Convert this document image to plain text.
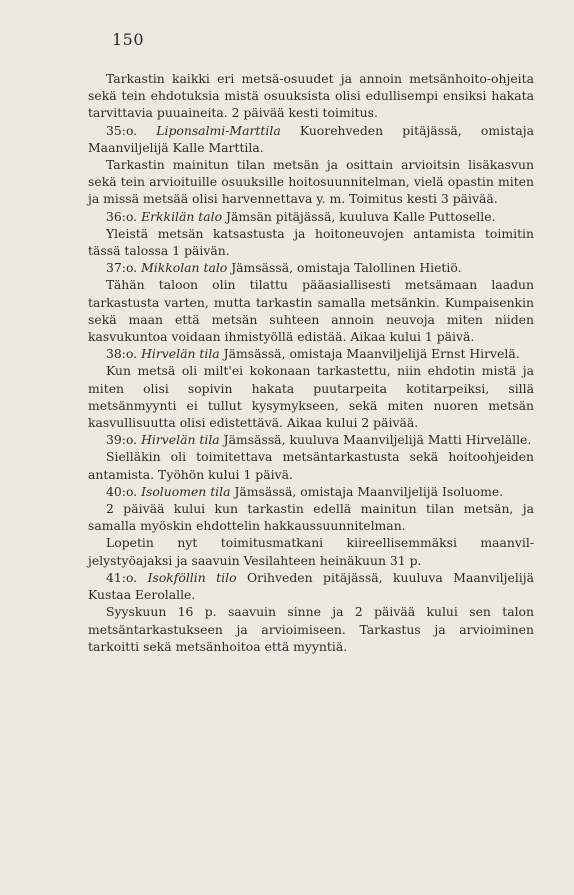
150

Tarkastin kaikki eri metsä-osuudet ja annoin metsänhoito-ohjeita sekä tein ehdotuksia mistä osuuksista olisi edullisempi ensiksi hakata tarvittavia puuaineita. 2 päivää kesti toimitus.

35:o. Liponsalmi-Marttila Kuorehveden pitäjässä, omistaja Maanviljelijä Kalle Marttila.

Tarkastin mainitun tilan metsän ja osittain arvioitsin lisäkasvun sekä tein arvioituille osuuksille hoitosuunnitelman, vielä opastin miten ja missä metsää olisi harvennettava y. m. Toimitus kesti 3 päivää.

36:o. Erkkilän talo Jämsän pitäjässä, kuuluva Kalle Puttoselle.

Yleistä metsän katsastusta ja hoitoneuvojen antamista toimitin tässä talossa 1 päivän.

37:o. Mikkolan talo Jämsässä, omistaja Talollinen Hietiö.

Tähän taloon olin tilattu pääasiallisesti metsämaan laadun tarkastusta varten, mutta tarkastin samalla metsänkin. Kumpaisenkin sekä maan että metsän suhteen annoin neuvoja miten niiden kasvukuntoa voidaan ihmistyöllä edistää. Aikaa kului 1 päivä.

38:o. Hirvelän tila Jämsässä, omistaja Maanviljelijä Ernst Hirvelä.

Kun metsä oli milt'ei kokonaan tarkastettu, niin ehdotin mistä ja miten olisi sopivin hakata puutarpeita kotitarpeiksi, sillä metsänmyynti ei tullut kysymykseen, sekä miten nuoren metsän kasvullisuutta olisi edistettävä. Aikaa kului 2 päivää.

39:o. Hirvelän tila Jämsässä, kuuluva Maanviljelijä Matti Hirvelälle.

Sielläkin oli toimitettava metsäntarkastusta sekä hoitoohjeiden antamista. Työhön kului 1 päivä.

40:o. Isoluomen tila Jämsässä, omistaja Maanviljelijä Isoluome.

2 päivää kului kun tarkastin edellä mainitun tilan metsän, ja samalla myöskin ehdottelin hakkaussuunnitelman.

Lopetin nyt toimitusmatkani kiireellisemmäksi maanviljelystyöajaksi ja saavuin Vesilahteen heinäkuun 31 p.

41:o. Isokföllin tilo Orihveden pitäjässä, kuuluva Maanviljelijä Kustaa Eerolalle.

Syyskuun 16 p. saavuin sinne ja 2 päivää kului sen talon metsäntarkastukseen ja arvioimiseen. Tarkastus ja arvioiminen tarkoitti sekä metsänhoitoa että myyntiä.
